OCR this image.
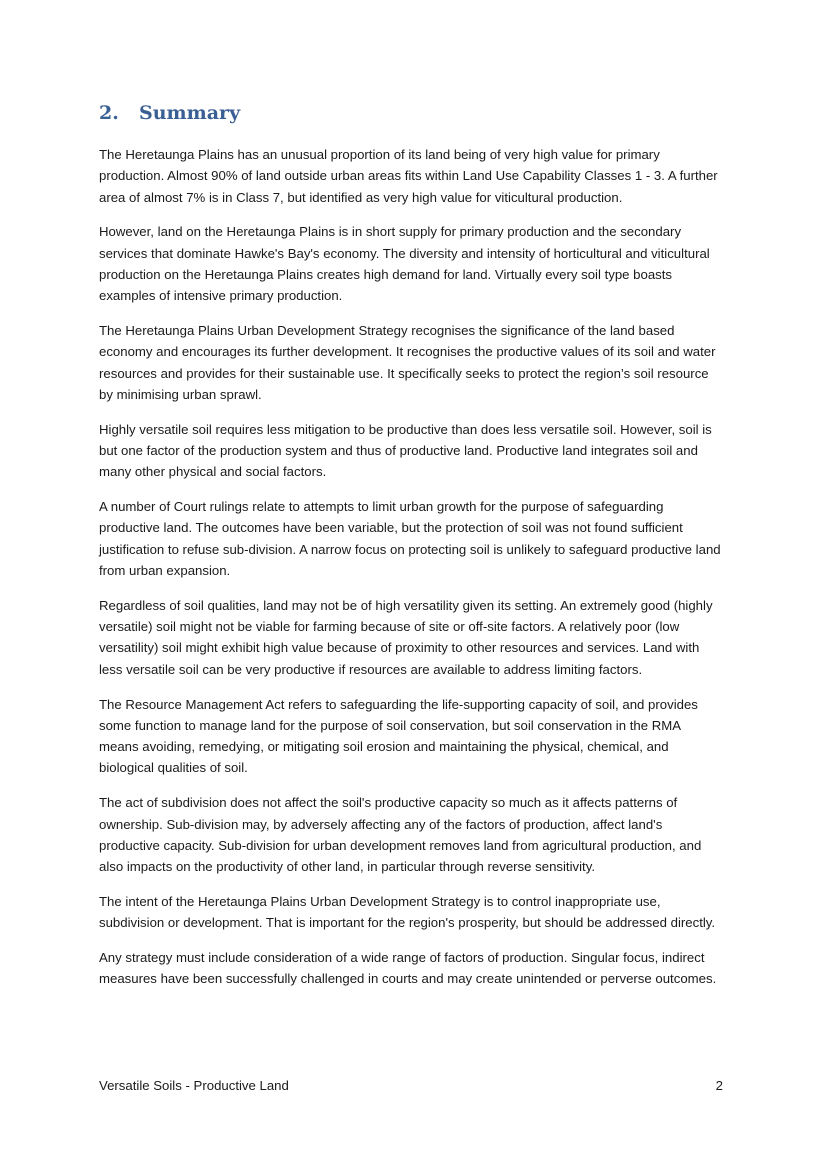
2. Summary

The Heretaunga Plains has an unusual proportion of its land being of very high value for primary production. Almost 90% of land outside urban areas fits within Land Use Capability Classes 1 - 3. A further area of almost 7% is in Class 7, but identified as very high value for viticultural production.

However, land on the Heretaunga Plains is in short supply for primary production and the secondary services that dominate Hawke's Bay's economy. The diversity and intensity of horticultural and viticultural production on the Heretaunga Plains creates high demand for land. Virtually every soil type boasts examples of intensive primary production.

The Heretaunga Plains Urban Development Strategy recognises the significance of the land based economy and encourages its further development. It recognises the productive values of its soil and water resources and provides for their sustainable use. It specifically seeks to protect the region’s soil resource by minimising urban sprawl.

Highly versatile soil requires less mitigation to be productive than does less versatile soil. However, soil is but one factor of the production system and thus of productive land. Productive land integrates soil and many other physical and social factors.

A number of Court rulings relate to attempts to limit urban growth for the purpose of safeguarding productive land. The outcomes have been variable, but the protection of soil was not found sufficient justification to refuse sub-division. A narrow focus on protecting soil is unlikely to safeguard productive land from urban expansion.

Regardless of soil qualities, land may not be of high versatility given its setting. An extremely good (highly versatile) soil might not be viable for farming because of site or off-site factors. A relatively poor (low versatility) soil might exhibit high value because of proximity to other resources and services. Land with less versatile soil can be very productive if resources are available to address limiting factors.

The Resource Management Act refers to safeguarding the life-supporting capacity of soil, and provides some function to manage land for the purpose of soil conservation, but soil conservation in the RMA means avoiding, remedying, or mitigating soil erosion and maintaining the physical, chemical, and biological qualities of soil.

The act of subdivision does not affect the soil's productive capacity so much as it affects patterns of ownership. Sub-division may, by adversely affecting any of the factors of production, affect land's productive capacity. Sub-division for urban development removes land from agricultural production, and also impacts on the productivity of other land, in particular through reverse sensitivity.

The intent of the Heretaunga Plains Urban Development Strategy is to control inappropriate use, subdivision or development. That is important for the region's prosperity, but should be addressed directly.

Any strategy must include consideration of a wide range of factors of production. Singular focus, indirect measures have been successfully challenged in courts and may create unintended or perverse outcomes.

Versatile Soils - Productive Land	2
